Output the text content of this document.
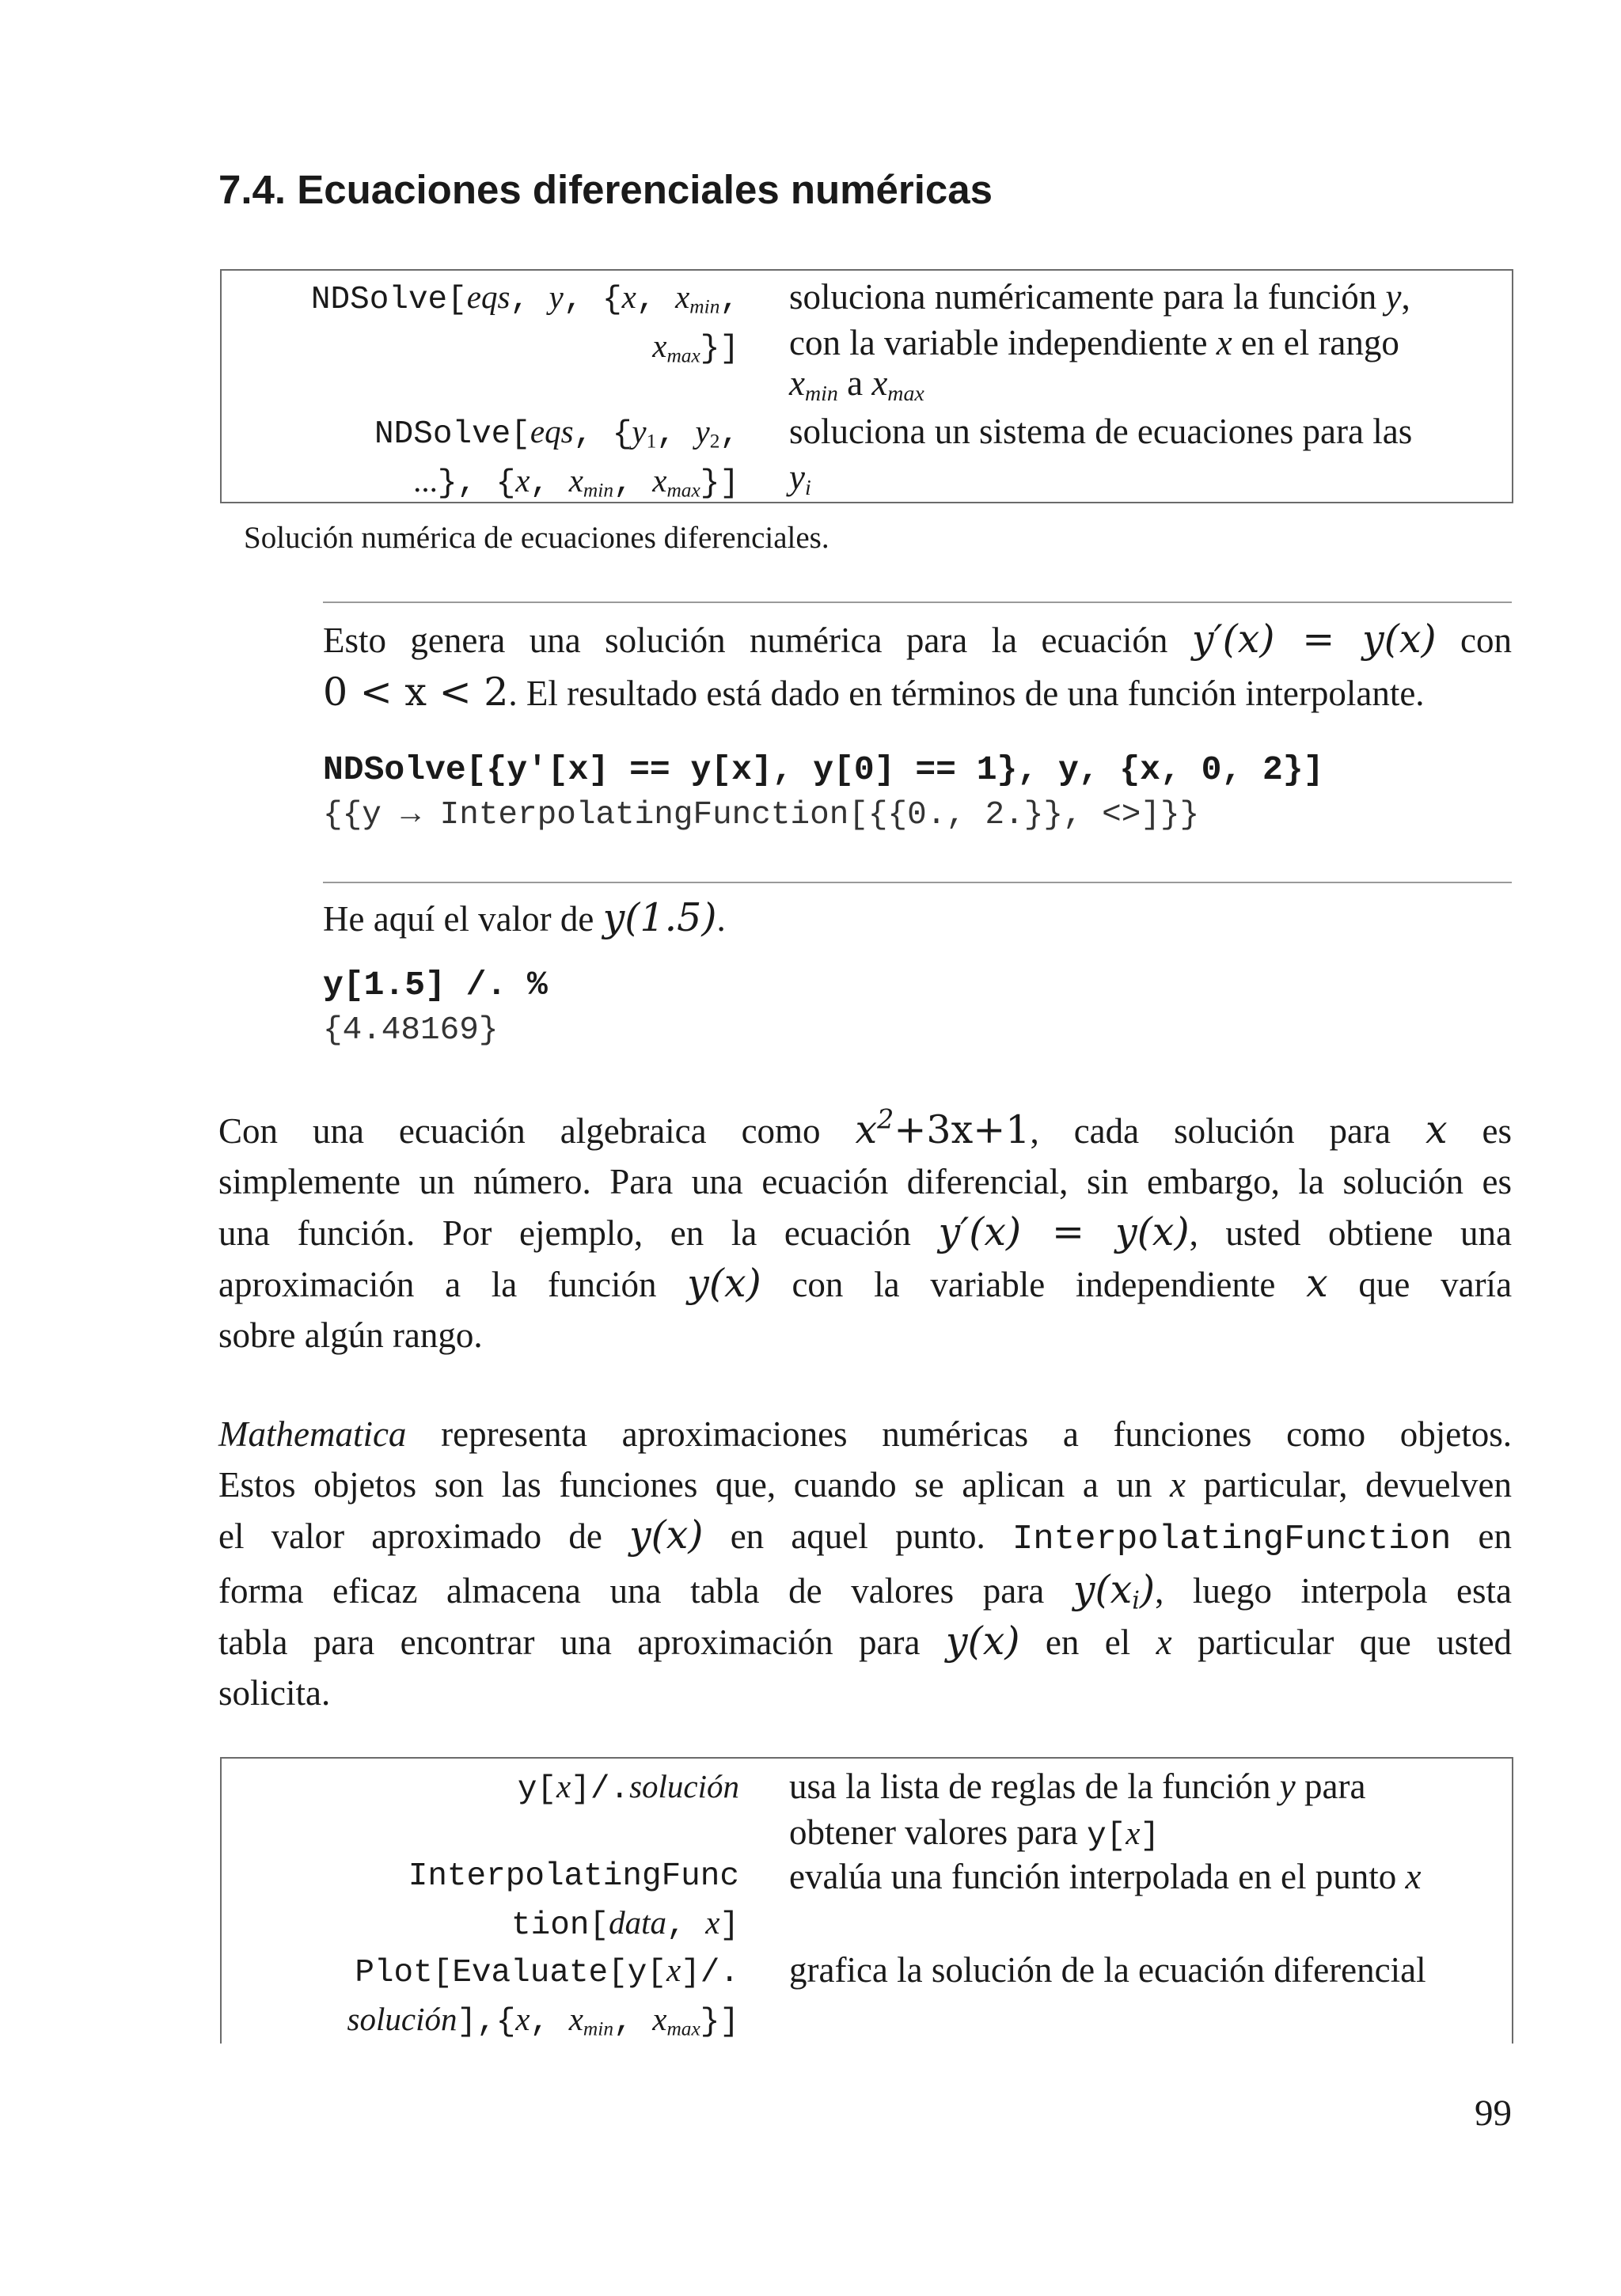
7.4. Ecuaciones diferenciales numéricas
NDSolve[eqs, y, {x, $x_{min}$,
$x_{max}$}]
soluciona numéricamente para la función y,
con la variable independiente x en el rango
$x_{min}$ a $x_{max}$
NDSolve[eqs, {$y_1$, $y_2$,
...}, {x, $x_{min}$, $x_{max}$}]
soluciona un sistema de ecuaciones para las
$y_i$
Solución numérica de ecuaciones diferenciales.
Esto genera una solución numérica para la ecuación y′(x) = y(x) con
0 < x < 2. El resultado está dado en términos de una función interpolante.
NDSolve[{y'[x] == y[x], y[0] == 1}, y, {x, 0, 2}]
{{y → InterpolatingFunction[{{0., 2.}}, <>]}}
He aquí el valor de y(1.5).
y[1.5] /. %
{4.48169}
Con una ecuación algebraica como $x^2+3x+1$, cada solución para x es
simplemente un número. Para una ecuación diferencial, sin embargo, la solución es
una función. Por ejemplo, en la ecuación y′(x) = y(x), usted obtiene una
aproximación a la función y(x) con la variable independiente x que varía
sobre algún rango.
Mathematica representa aproximaciones numéricas a funciones como objetos.
Estos objetos son las funciones que, cuando se aplican a un x particular, devuelven
el valor aproximado de y(x) en aquel punto. InterpolatingFunction en
forma eficaz almacena una tabla de valores para $y(x_i)$, luego interpola esta
tabla para encontrar una aproximación para y(x) en el x particular que usted
solicita.
y[x]/.solución usa la lista de reglas de la función y para
obtener valores para y[x]
InterpolatingFunc
tion[data, x]
evalúa una función interpolada en el punto x
Plot[Evaluate[y[x]/.
solución],{x, $x_{min}$, $x_{max}$}]
grafica la solución de la ecuación diferencial
99
